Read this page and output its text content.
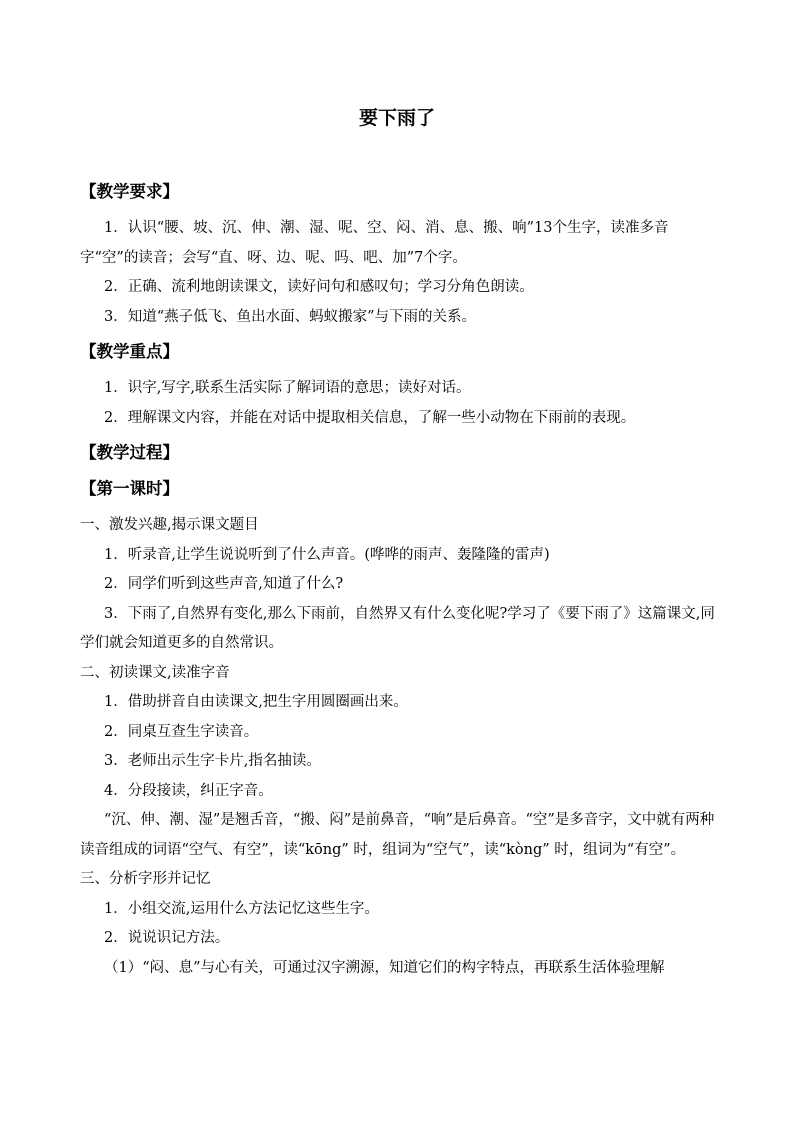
要下雨了
【教学要求】

1．认识“腰、坡、沉、伸、潮、湿、呢、空、闷、消、息、搬、响”13个生字，读准多音字“空”的读音；会写“直、呀、边、呢、吗、吧、加”7个字。

2．正确、流利地朗读课文，读好问句和感叹句；学习分角色朗读。

3．知道“燕子低飞、鱼出水面、蚂蚁搬家”与下雨的关系。

【教学重点】

1．识字,写字,联系生活实际了解词语的意思；读好对话。

2．理解课文内容，并能在对话中提取相关信息，了解一些小动物在下雨前的表现。

【教学过程】
【第一课时】

一、激发兴趣,揭示课文题目

1．听录音,让学生说说听到了什么声音。(哗哗的雨声、轰隆隆的雷声)

2．同学们听到这些声音,知道了什么?

3．下雨了,自然界有变化,那么下雨前，自然界又有什么变化呢?学习了《要下雨了》这篇课文,同学们就会知道更多的自然常识。

二、初读课文,读准字音

1．借助拼音自由读课文,把生字用圆圈画出来。

2．同桌互查生字读音。

3．老师出示生字卡片,指名抽读。

4．分段接读，纠正字音。

“沉、伸、潮、湿”是翘舌音，“搬、闷”是前鼻音，“响”是后鼻音。“空”是多音字，文中就有两种读音组成的词语“空气、有空”，读“kōng” 时，组词为“空气”，读“kòng” 时，组词为“有空”。

三、分析字形并记忆

1．小组交流,运用什么方法记忆这些生字。

2．说说识记方法。

（1）“闷、息”与心有关，可通过汉字溯源，知道它们的构字特点，再联系生活体验理解
